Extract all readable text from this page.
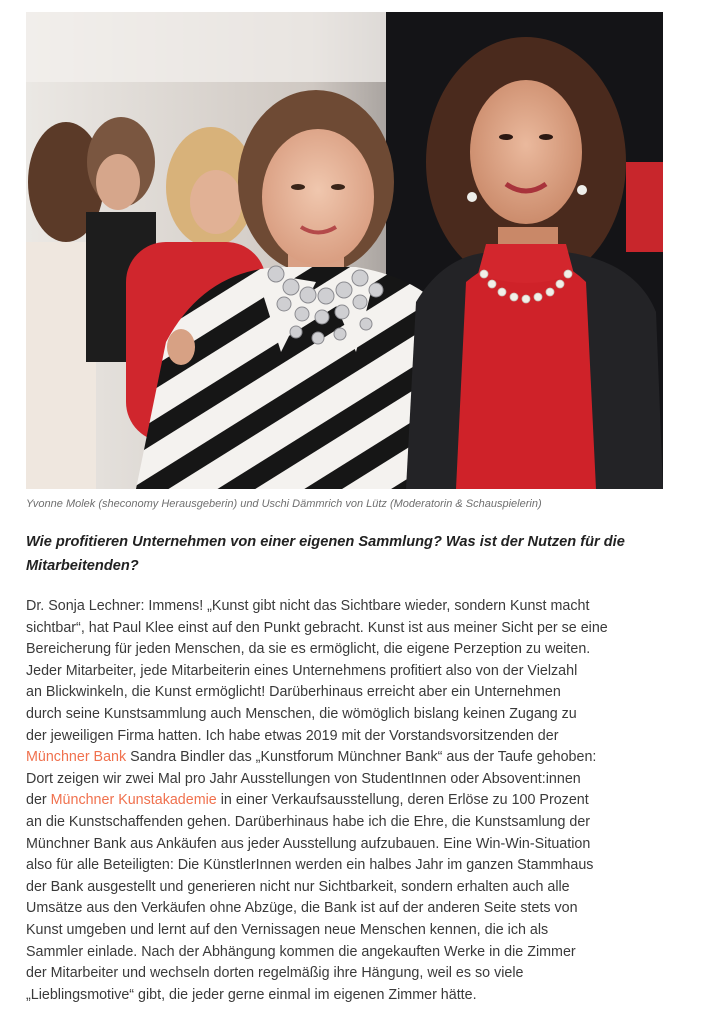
Yvonne Molek (sheconomy Herausgeberin) und Uschi Dämmrich von Lütz (Moderatorin & Schauspielerin)

Wie profitieren Unternehmen von einer eigenen Sammlung? Was ist der Nutzen für die
Mitarbeitenden?

Dr. Sonja Lechner: Immens! „Kunst gibt nicht das Sichtbare wieder, sondern Kunst macht
sichtbar“, hat Paul Klee einst auf den Punkt gebracht. Kunst ist aus meiner Sicht per se eine
Bereicherung für jeden Menschen, da sie es ermöglicht, die eigene Perzeption zu weiten.
Jeder Mitarbeiter, jede Mitarbeiterin eines Unternehmens profitiert also von der Vielzahl
an Blickwinkeln, die Kunst ermöglicht! Darüberhinaus erreicht aber ein Unternehmen
durch seine Kunstsammlung auch Menschen, die wömöglich bislang keinen Zugang zu
der jeweiligen Firma hatten. Ich habe etwas 2019 mit der Vorstandsvorsitzenden der
Münchner Bank Sandra Bindler das „Kunstforum Münchner Bank“ aus der Taufe gehoben:
Dort zeigen wir zwei Mal pro Jahr Ausstellungen von StudentInnen oder Absovent:innen
der Münchner Kunstakademie in einer Verkaufsausstellung, deren Erlöse zu 100 Prozent
an die Kunstschaffenden gehen. Darüberhinaus habe ich die Ehre, die Kunstsamlung der
Münchner Bank aus Ankäufen aus jeder Ausstellung aufzubauen. Eine Win-Win-Situation
also für alle Beteiligten: Die KünstlerInnen werden ein halbes Jahr im ganzen Stammhaus
der Bank ausgestellt und generieren nicht nur Sichtbarkeit, sondern erhalten auch alle
Umsätze aus den Verkäufen ohne Abzüge, die Bank ist auf der anderen Seite stets von
Kunst umgeben und lernt auf den Vernissagen neue Menschen kennen, die ich als
Sammler einlade. Nach der Abhängung kommen die angekauften Werke in die Zimmer
der Mitarbeiter und wechseln dorten regelmäßig ihre Hängung, weil es so viele
„Lieblingsmotive“ gibt, die jeder gerne einmal im eigenen Zimmer hätte.
